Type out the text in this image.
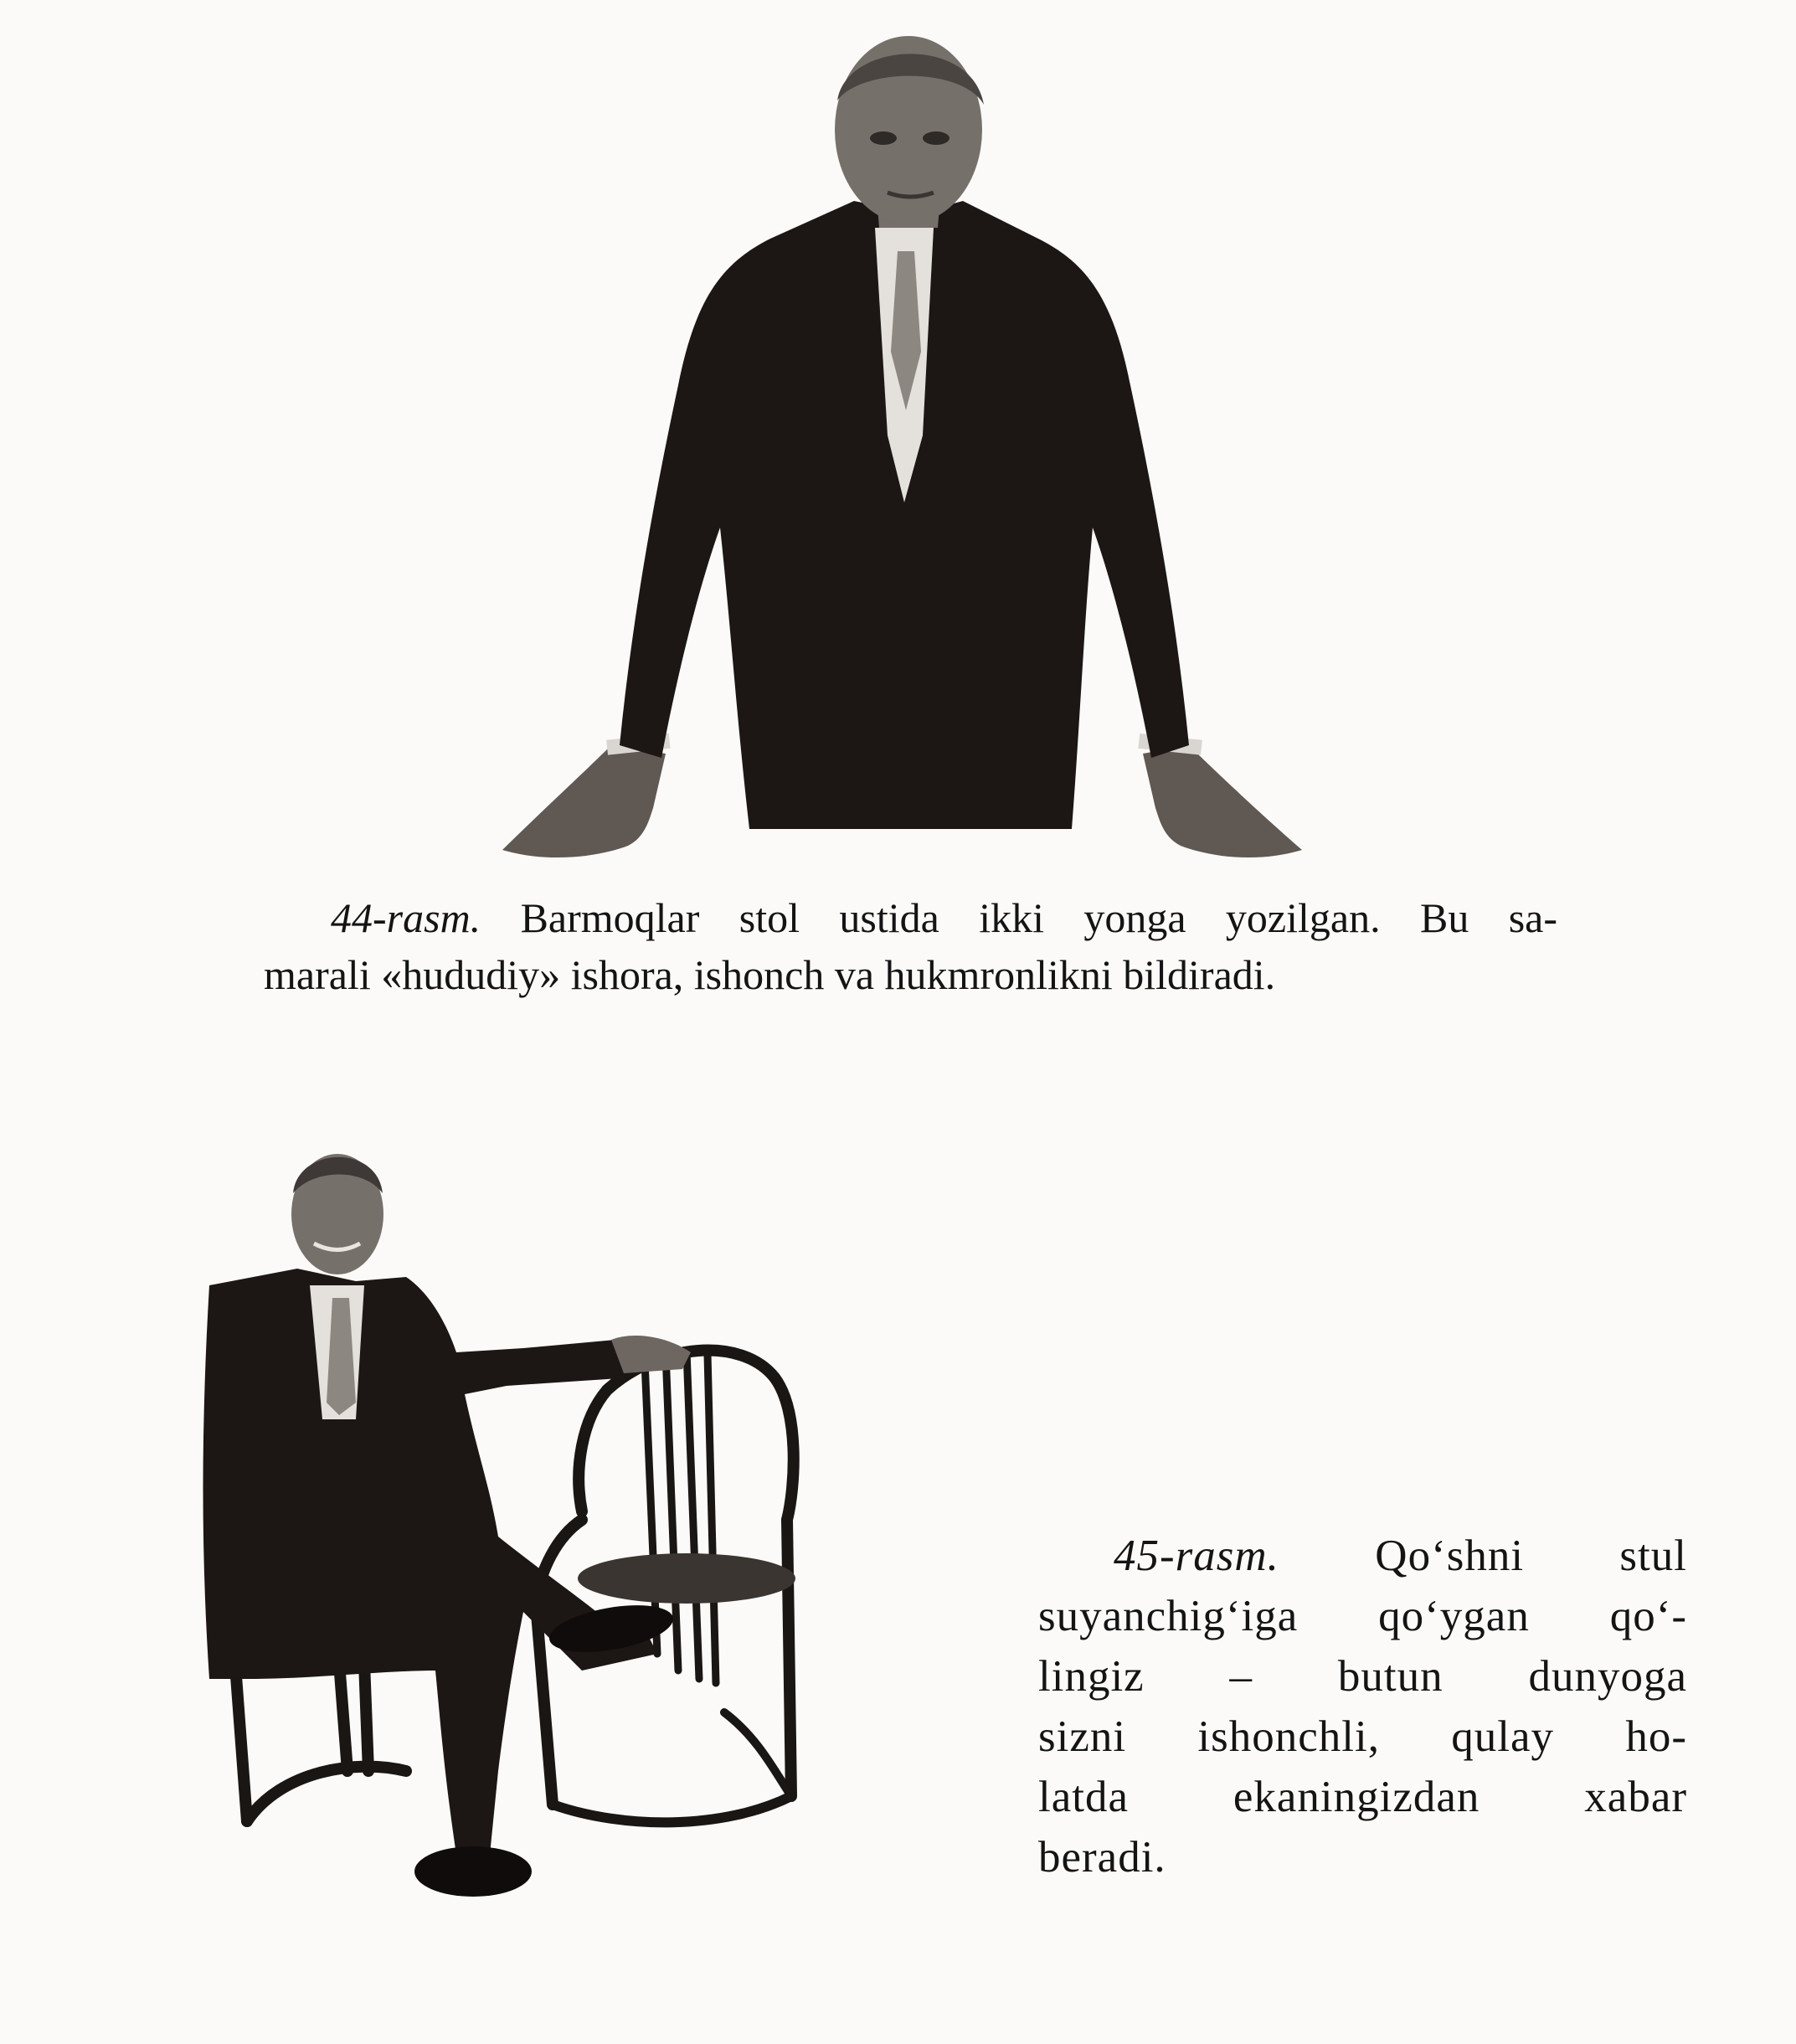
44-rasm. Barmoqlar stol ustida ikki yonga yozilgan. Bu sa-
marali «hududiy» ishora, ishonch va hukmronlikni bildiradi.
45-rasm. Qo‘shni stul
suyanchig‘iga qo‘ygan qo‘-
lingiz – butun dunyoga
sizni ishonchli, qulay ho-
latda ekaningizdan xabar
beradi.
